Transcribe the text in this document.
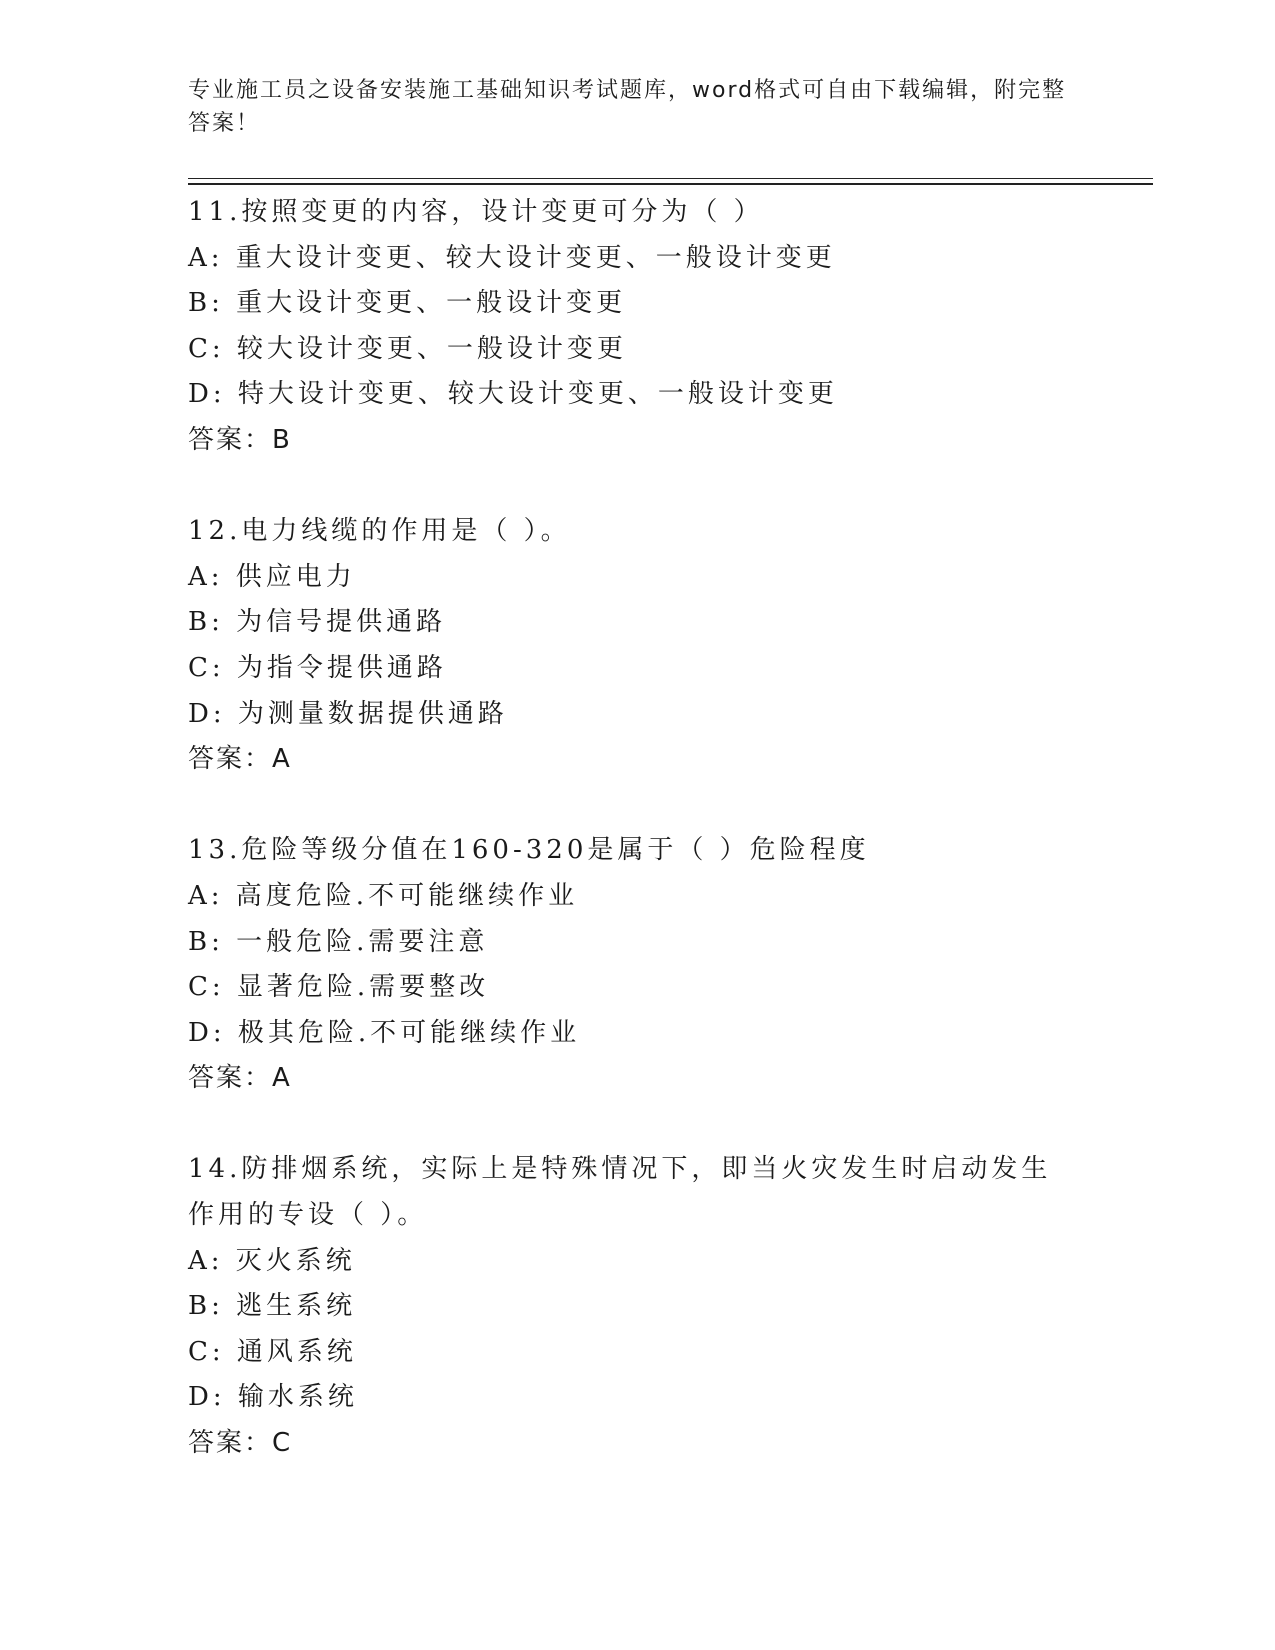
专业施工员之设备安装施工基础知识考试题库，word格式可自由下载编辑，附完整答案！
11.按照变更的内容，设计变更可分为（ ）
A: 重大设计变更、较大设计变更、一般设计变更
B: 重大设计变更、一般设计变更
C: 较大设计变更、一般设计变更
D: 特大设计变更、较大设计变更、一般设计变更
答案：B
12.电力线缆的作用是（ ）。
A: 供应电力
B: 为信号提供通路
C: 为指令提供通路
D: 为测量数据提供通路
答案：A
13.危险等级分值在160-320是属于（ ）危险程度
A: 高度危险.不可能继续作业
B: 一般危险.需要注意
C: 显著危险.需要整改
D: 极其危险.不可能继续作业
答案：A
14.防排烟系统，实际上是特殊情况下，即当火灾发生时启动发生作用的专设（ ）。
A: 灭火系统
B: 逃生系统
C: 通风系统
D: 输水系统
答案：C
